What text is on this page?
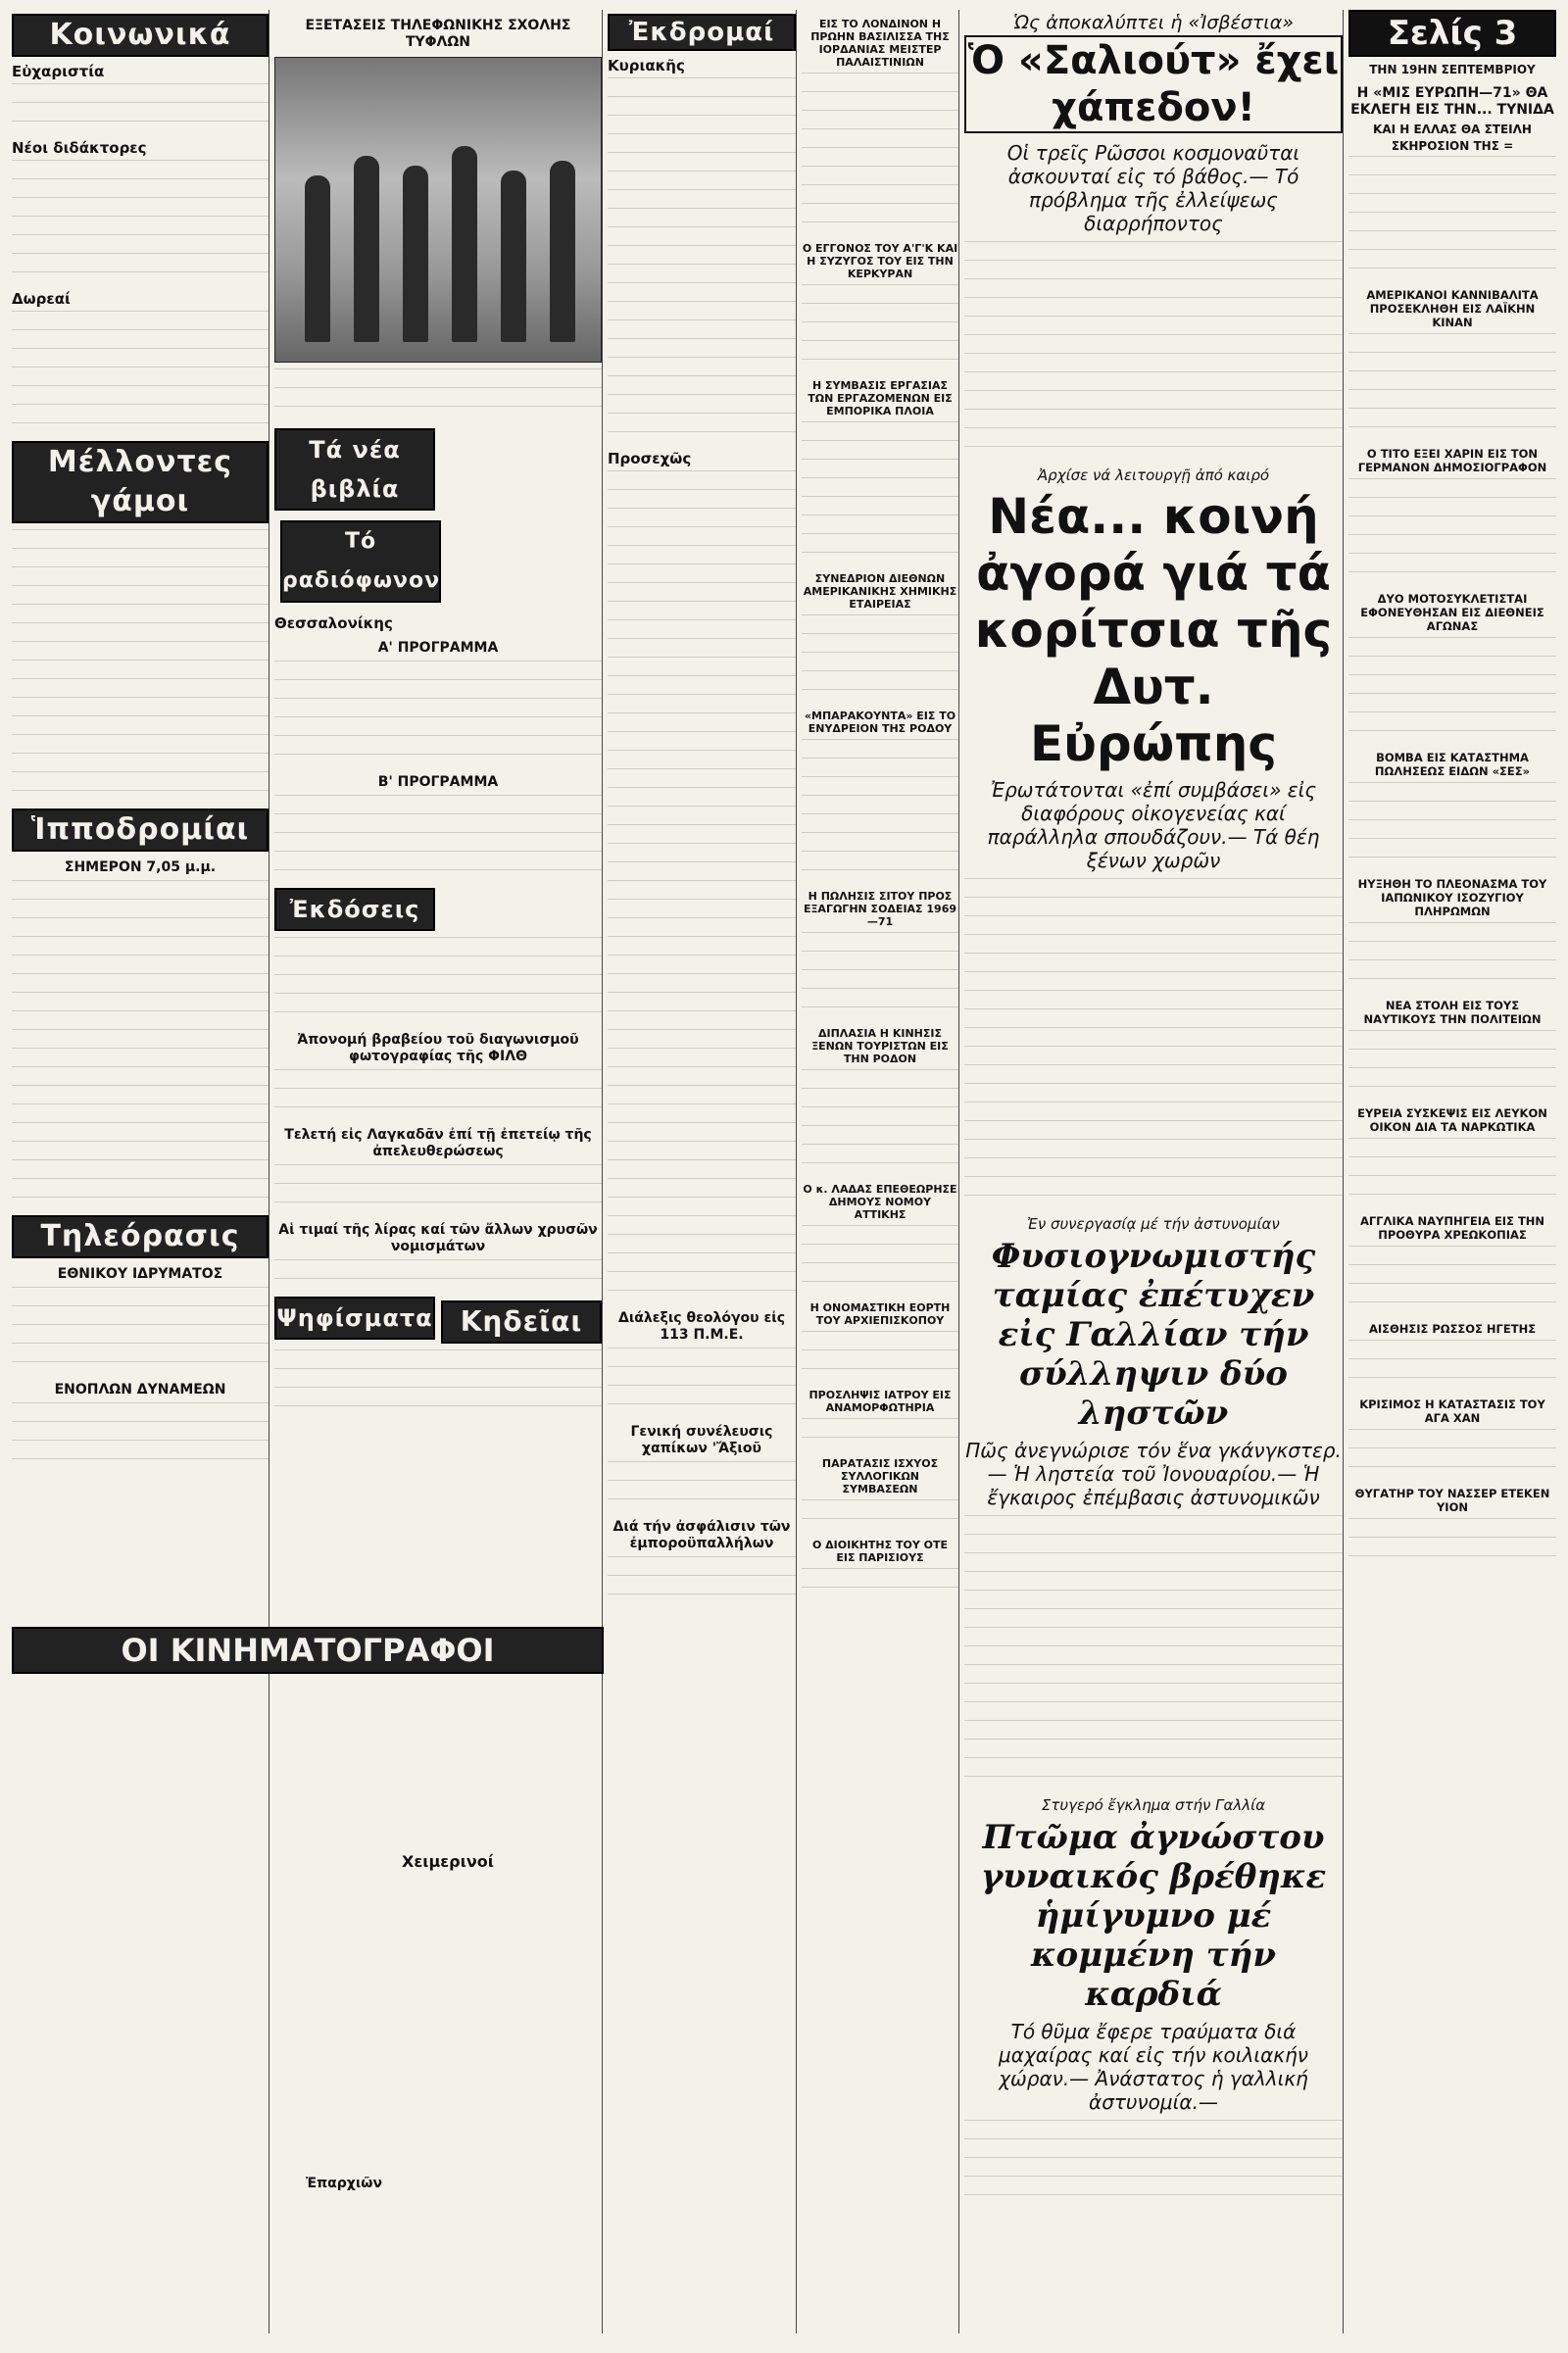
Κοινωνικά
Εὐχαριστία
Νέοι διδάκτορες
Δωρεαί
Μέλλοντες γάμοι
Ἱπποδρομίαι
ΣΗΜΕΡΟΝ 7,05 μ.μ.
Τηλεόρασις
ΕΘΝΙΚΟΥ ΙΔΡΥΜΑΤΟΣ
ΕΝΟΠΛΩΝ ΔΥΝΑΜΕΩΝ
ΕΞΕΤΑΣΕΙΣ ΤΗΛΕΦΩΝΙΚΗΣ ΣΧΟΛΗΣ ΤΥΦΛΩΝ
Τά νέα βιβλία Τό ραδιόφωνον
Θεσσαλονίκης
Α' ΠΡΟΓΡΑΜΜΑ
Β' ΠΡΟΓΡΑΜΜΑ
Ἐκδόσεις
Ἀπονομή βραβείου τοῦ διαγωνισμοῦ φωτογραφίας τῆς ΦΙΛΘ
Τελετή εἰς Λαγκαδᾶν ἐπί τῇ ἐπετείῳ τῆς ἀπελευθερώσεως
Αἱ τιμαί τῆς λίρας καί τῶν ἄλλων χρυσῶν νομισμάτων
Ψηφίσματα	Κηδεῖαι
Ἐκδρομαί
Κυριακῆς
Προσεχῶς
Διάλεξις θεολόγου εἰς 113 Π.Μ.Ε.
Γενική συνέλευσις χαπίκων 'Ἄξιοῦ
Διά τήν ἀσφάλισιν τῶν ἐμποροϋπαλλήλων
ΕΙΣ ΤΟ ΛΟΝΔΙΝΟΝ Η ΠΡΩΗΝ ΒΑΣΙΛΙΣΣΑ ΤΗΣ ΙΟΡΔΑΝΙΑΣ ΜΕΙΣΤΕΡ ΠΑΛΑΙΣΤΙΝΙΩΝ
Ο ΕΓΓΟΝΟΣ ΤΟΥ Α'Γ'Κ ΚΑΙ Η ΣΥΖΥΓΟΣ ΤΟΥ ΕΙΣ ΤΗΝ ΚΕΡΚΥΡΑΝ
Η ΣΥΜΒΑΣΙΣ ΕΡΓΑΣΙΑΣ ΤΩΝ ΕΡΓΑΖΟΜΕΝΩΝ ΕΙΣ ΕΜΠΟΡΙΚΑ ΠΛΟΙΑ
ΣΥΝΕΔΡΙΟΝ ΔΙΕΘΝΩΝ ΑΜΕΡΙΚΑΝΙΚΗΣ ΧΗΜΙΚΗΣ ΕΤΑΙΡΕΙΑΣ
«ΜΠΑΡΑΚΟΥΝΤΑ» ΕΙΣ ΤΟ ΕΝΥΔΡΕΙΟΝ ΤΗΣ ΡΟΔΟΥ
Η ΠΩΛΗΣΙΣ ΣΙΤΟΥ ΠΡΟΣ ΕΞΑΓΩΓΗΝ ΣΟΔΕΙΑΣ 1969—71
ΔΙΠΛΑΣΙΑ Η ΚΙΝΗΣΙΣ ΞΕΝΩΝ ΤΟΥΡΙΣΤΩΝ ΕΙΣ ΤΗΝ ΡΟΔΟΝ
Ο κ. ΛΑΔΑΣ ΕΠΕΘΕΩΡΗΣΕ ΔΗΜΟΥΣ ΝΟΜΟΥ ΑΤΤΙΚΗΣ
Η ΟΝΟΜΑΣΤΙΚΗ ΕΟΡΤΗ ΤΟΥ ΑΡΧΙΕΠΙΣΚΟΠΟΥ
ΠΡΟΣΛΗΨΙΣ ΙΑΤΡΟΥ ΕΙΣ ΑΝΑΜΟΡΦΩΤΗΡΙΑ
ΠΑΡΑΤΑΣΙΣ ΙΣΧΥΟΣ ΣΥΛΛΟΓΙΚΩΝ ΣΥΜΒΑΣΕΩΝ
Ο ΔΙΟΙΚΗΤΗΣ ΤΟΥ ΟΤΕ ΕΙΣ ΠΑΡΙΣΙΟΥΣ
Ὡς ἀποκαλύπτει ἡ «Ἰσβέστια»
Ὁ «Σαλιούτ» ἔχει χάπεδον!
Οἱ τρεῖς Ρῶσσοι κοσμοναῦται ἀσκουνταί εἰς τό βάθος.— Τό πρόβλημα τῆς ἐλλείψεως διαρρήποντος
Ἀρχίσε νά λειτουργῇ ἀπό καιρό
Νέα... κοινή ἀγορά γιά τά κορίτσια τῆς Δυτ. Εὐρώπης
Ἐρωτάτονται «ἐπί συμβάσει» εἰς διαφόρους οἰκογενείας καί παράλληλα σπουδάζουν.— Τά θέη ξένων χωρῶν
Ἐν συνεργασίᾳ μέ τήν ἀστυνομίαν
Φυσιογνωμιστής ταμίας ἐπέτυχεν εἰς Γαλλίαν τήν σύλληψιν δύο ληστῶν
Πῶς ἀνεγνώρισε τόν ἕνα γκάνγκστερ.— Ἡ ληστεία τοῦ Ἰονουαρίου.— Ἡ ἔγκαιρος ἐπέμβασις ἀστυνομικῶν
Στυγερό ἔγκλημα στήν Γαλλία
Πτῶμα ἀγνώστου γυναικός βρέθηκε ἡμίγυμνο μέ κομμένη τήν καρδιά
Τό θῦμα ἔφερε τραύματα διά μαχαίρας καί εἰς τήν κοιλιακήν χώραν.— Ἀνάστατος ἡ γαλλική ἀστυνομία.—
Σελίς 3
ΤΗΝ 19ΗΝ ΣΕΠΤΕΜΒΡΙΟΥ
Η «ΜΙΣ ΕΥΡΩΠΗ—71» ΘΑ ΕΚΛΕΓΗ ΕΙΣ ΤΗΝ... ΤΥΝΙΔΑ
ΚΑΙ Η ΕΛΛΑΣ ΘΑ ΣΤΕΙΛΗ
ΣΚΗΡΟΣΙΟΝ ΤΗΣ =
ΑΜΕΡΙΚΑΝΟΙ ΚΑΝΝΙΒΑΛΙΤΑ ΠΡΟΣΕΚΛΗΘΗ ΕΙΣ ΛΑΪΚΗΝ ΚΙΝΑΝ
Ο ΤΙΤΟ ΕΞΕΙ ΧΑΡΙΝ ΕΙΣ ΤΟΝ ΓΕΡΜΑΝΟΝ ΔΗΜΟΣΙΟΓΡΑΦΟΝ
ΔΥΟ ΜΟΤΟΣΥΚΛΕΤΙΣΤΑΙ ΕΦΟΝΕΥΘΗΣΑΝ ΕΙΣ ΔΙΕΘΝΕΙΣ ΑΓΩΝΑΣ
ΒΟΜΒΑ ΕΙΣ ΚΑΤΑΣΤΗΜΑ ΠΩΛΗΣΕΩΣ ΕΙΔΩΝ «ΣΕΣ»
ΗΥΞΗΘΗ ΤΟ ΠΛΕΟΝΑΣΜΑ ΤΟΥ ΙΑΠΩΝΙΚΟΥ ΙΣΟΖΥΓΙΟΥ ΠΛΗΡΩΜΩΝ
ΝΕΑ ΣΤΟΛΗ ΕΙΣ ΤΟΥΣ ΝΑΥΤΙΚΟΥΣ ΤΗΝ ΠΟΛΙΤΕΙΩΝ
ΕΥΡΕΙΑ ΣΥΣΚΕΨΙΣ ΕΙΣ ΛΕΥΚΟΝ ΟΙΚΟΝ ΔΙΑ ΤΑ ΝΑΡΚΩΤΙΚΑ
ΑΓΓΛΙΚΑ ΝΑΥΠΗΓΕΙΑ ΕΙΣ ΤΗΝ ΠΡΟΘΥΡΑ ΧΡΕΩΚΟΠΙΑΣ
ΑΙΣΘΗΣΙΣ ΡΩΣΣΟΣ ΗΓΕΤΗΣ
ΚΡΙΣΙΜΟΣ Η ΚΑΤΑΣΤΑΣΙΣ ΤΟΥ ΑΓΑ ΧΑΝ
ΘΥΓΑΤΗΡ ΤΟΥ ΝΑΣΣΕΡ ΕΤΕΚΕΝ ΥΙΟΝ
ΟΙ ΚΙΝΗΜΑΤΟΓΡΑΦΟΙ
Χειμερινοί
Ἐπαρχιῶν
